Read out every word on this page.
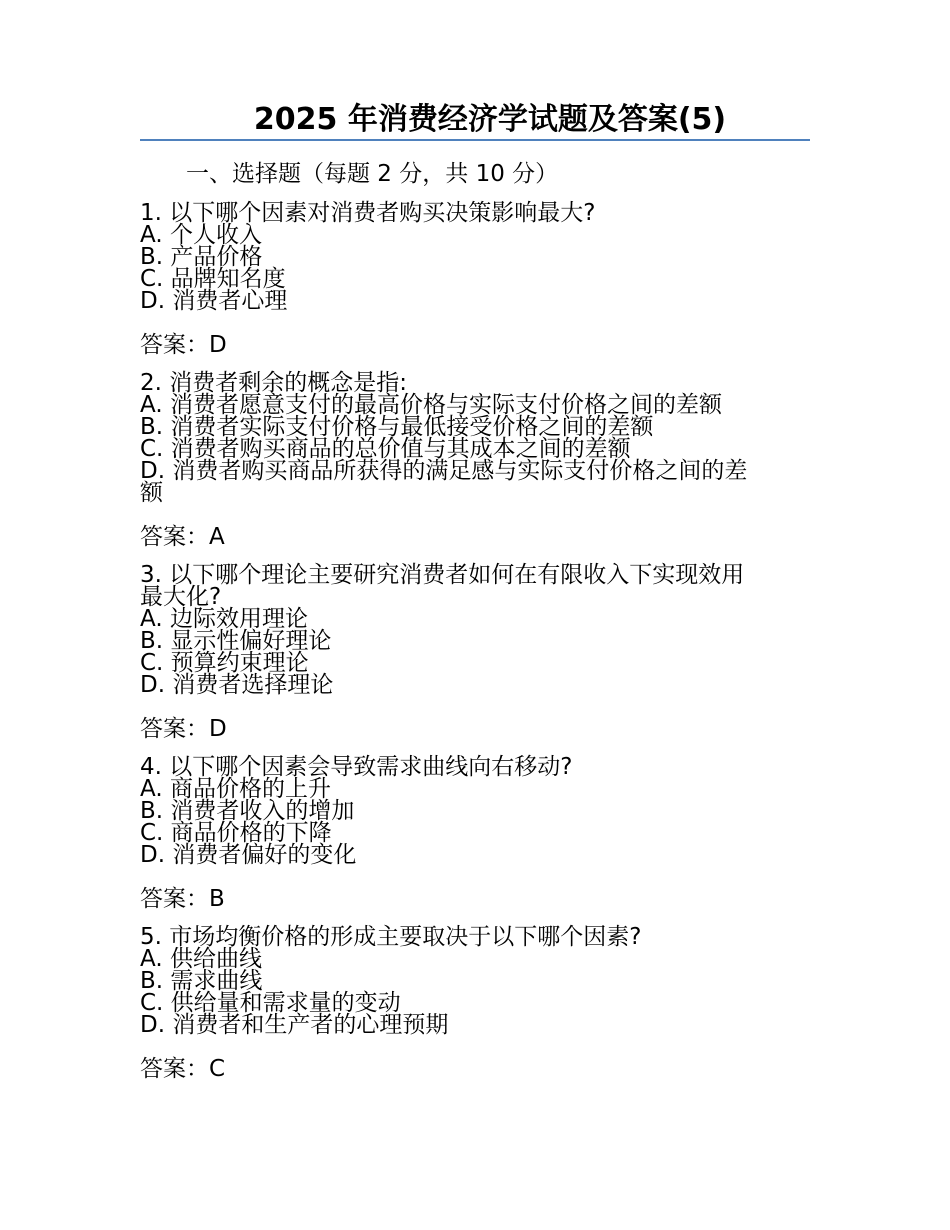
2025 年消费经济学试题及答案(5)
一、选择题（每题 2 分，共 10 分）
1. 以下哪个因素对消费者购买决策影响最大?
A. 个人收入
B. 产品价格
C. 品牌知名度
D. 消费者心理
答案：D
2. 消费者剩余的概念是指:
A. 消费者愿意支付的最高价格与实际支付价格之间的差额
B. 消费者实际支付价格与最低接受价格之间的差额
C. 消费者购买商品的总价值与其成本之间的差额
D. 消费者购买商品所获得的满足感与实际支付价格之间的差
额
答案：A
3. 以下哪个理论主要研究消费者如何在有限收入下实现效用
最大化?
A. 边际效用理论
B. 显示性偏好理论
C. 预算约束理论
D. 消费者选择理论
答案：D
4. 以下哪个因素会导致需求曲线向右移动?
A. 商品价格的上升
B. 消费者收入的增加
C. 商品价格的下降
D. 消费者偏好的变化
答案：B
5. 市场均衡价格的形成主要取决于以下哪个因素?
A. 供给曲线
B. 需求曲线
C. 供给量和需求量的变动
D. 消费者和生产者的心理预期
答案：C
